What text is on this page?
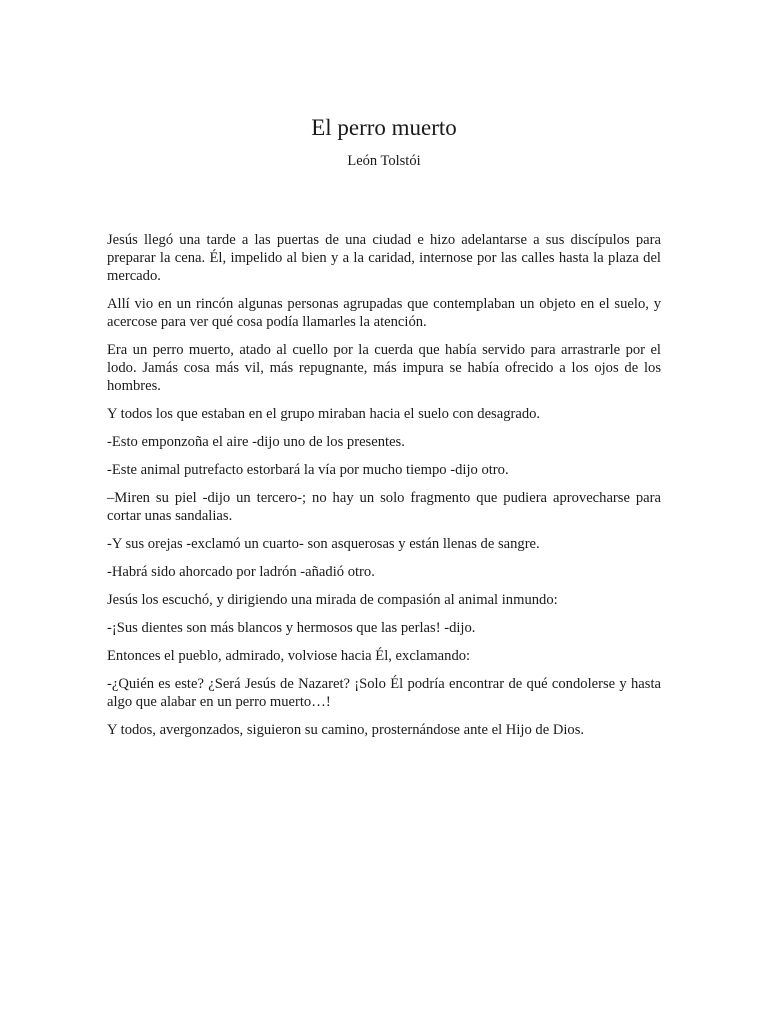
El perro muerto
León Tolstói

Jesús llegó una tarde a las puertas de una ciudad e hizo adelantarse a sus discípulos para preparar la cena. Él, impelido al bien y a la caridad, internose por las calles hasta la plaza del mercado.

Allí vio en un rincón algunas personas agrupadas que contemplaban un objeto en el suelo, y acercose para ver qué cosa podía llamarles la atención.

Era un perro muerto, atado al cuello por la cuerda que había servido para arrastrarle por el lodo. Jamás cosa más vil, más repugnante, más impura se había ofrecido a los ojos de los hombres.

Y todos los que estaban en el grupo miraban hacia el suelo con desagrado.

-Esto emponzoña el aire -dijo uno de los presentes.

-Este animal putrefacto estorbará la vía por mucho tiempo -dijo otro.

–Miren su piel -dijo un tercero-; no hay un solo fragmento que pudiera aprovecharse para cortar unas sandalias.

-Y sus orejas -exclamó un cuarto- son asquerosas y están llenas de sangre.

-Habrá sido ahorcado por ladrón -añadió otro.

Jesús los escuchó, y dirigiendo una mirada de compasión al animal inmundo:

-¡Sus dientes son más blancos y hermosos que las perlas! -dijo.

Entonces el pueblo, admirado, volviose hacia Él, exclamando:

-¿Quién es este? ¿Será Jesús de Nazaret? ¡Solo Él podría encontrar de qué condolerse y hasta algo que alabar en un perro muerto…!

Y todos, avergonzados, siguieron su camino, prosternándose ante el Hijo de Dios.
